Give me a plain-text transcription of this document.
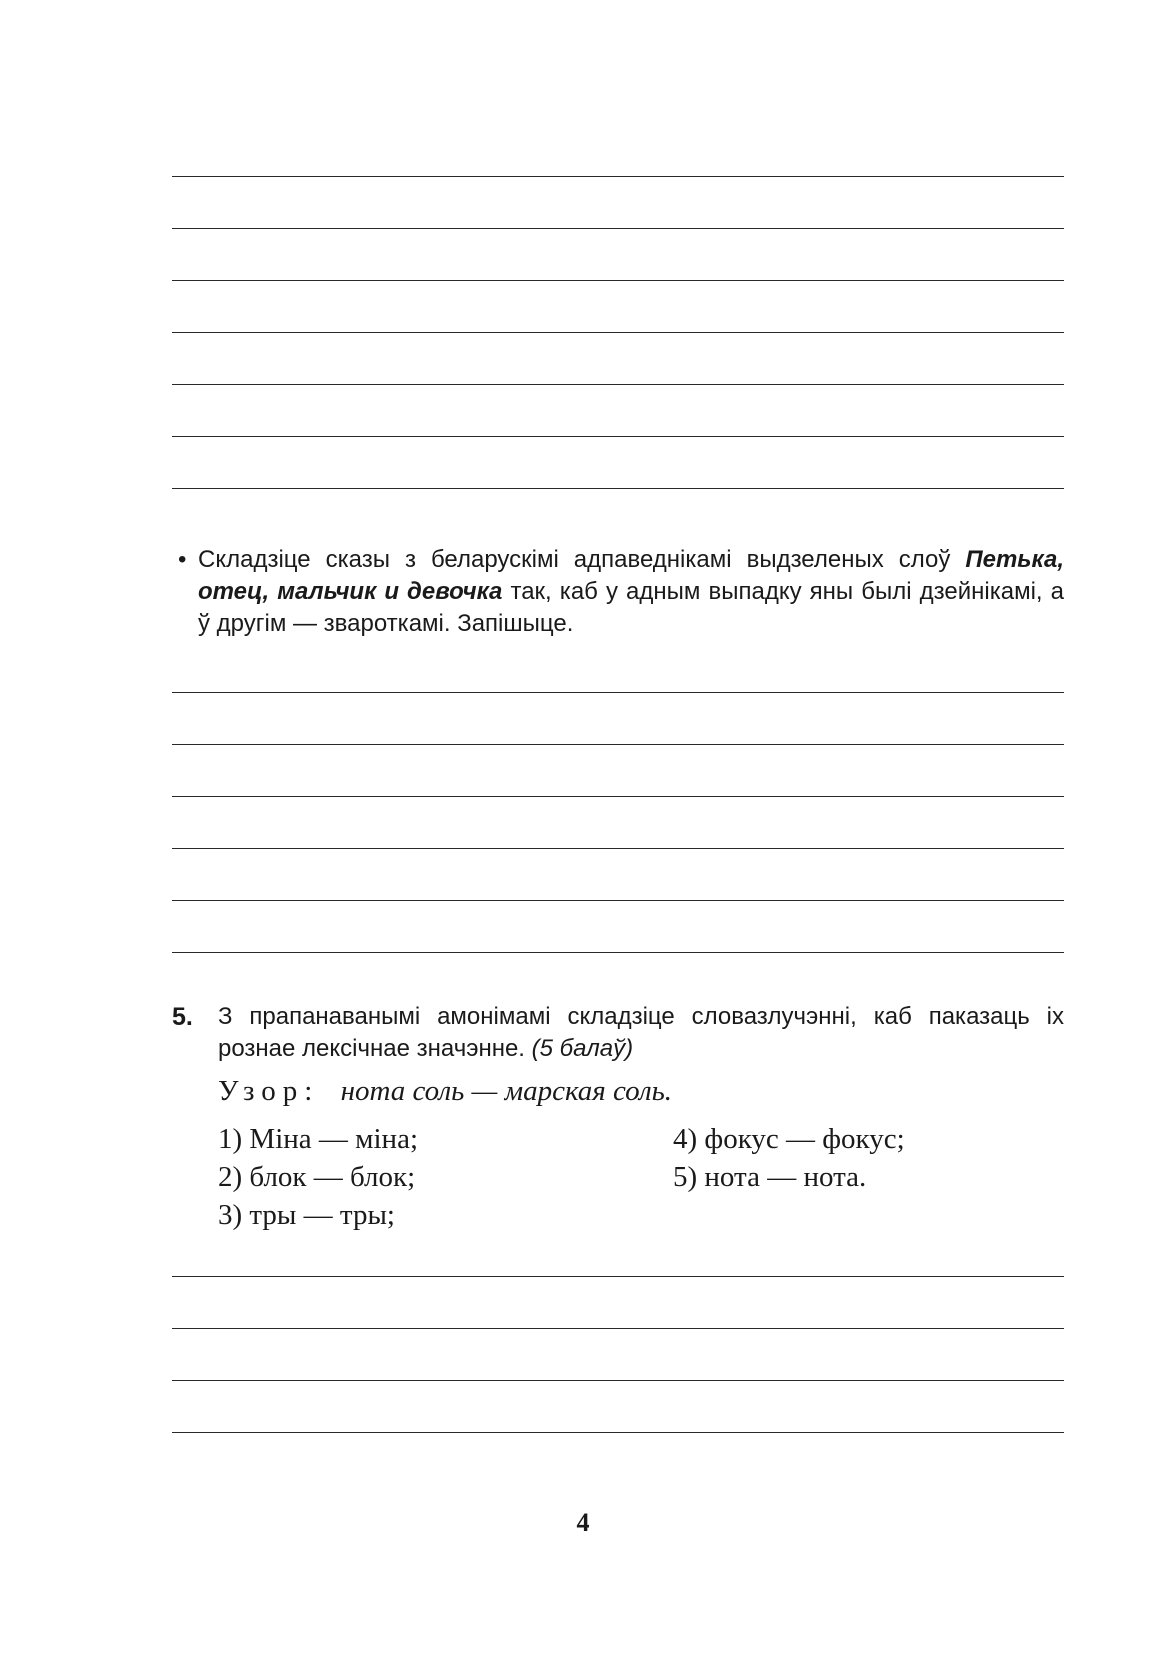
• Складзіце сказы з беларускімі адпаведнікамі выдзеленых слоў Петька, отец, мальчик и девочка так, каб у адным выпадку яны былі дзейнікамі, а ў другім — звароткамі. Запішыце.
5. З прапанаванымі амонімамі складзіце словазлучэнні, каб паказаць іх рознае лексічнае значэнне. (5 балаў)
Узор: нота соль — марская соль.
1) Міна — міна;
2) блок — блок;
3) тры — тры;
4) фокус — фокус;
5) нота — нота.
4
